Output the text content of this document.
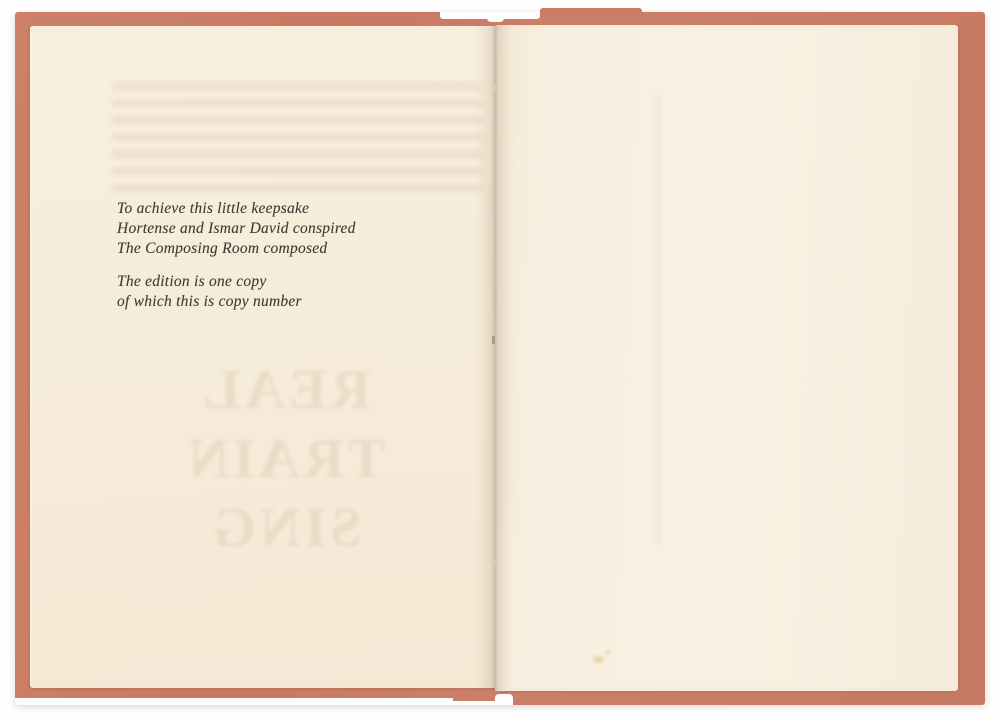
To achieve this little keepsake
Hortense and Ismar David conspired
The Composing Room composed
The edition is one copy
of which this is copy number
